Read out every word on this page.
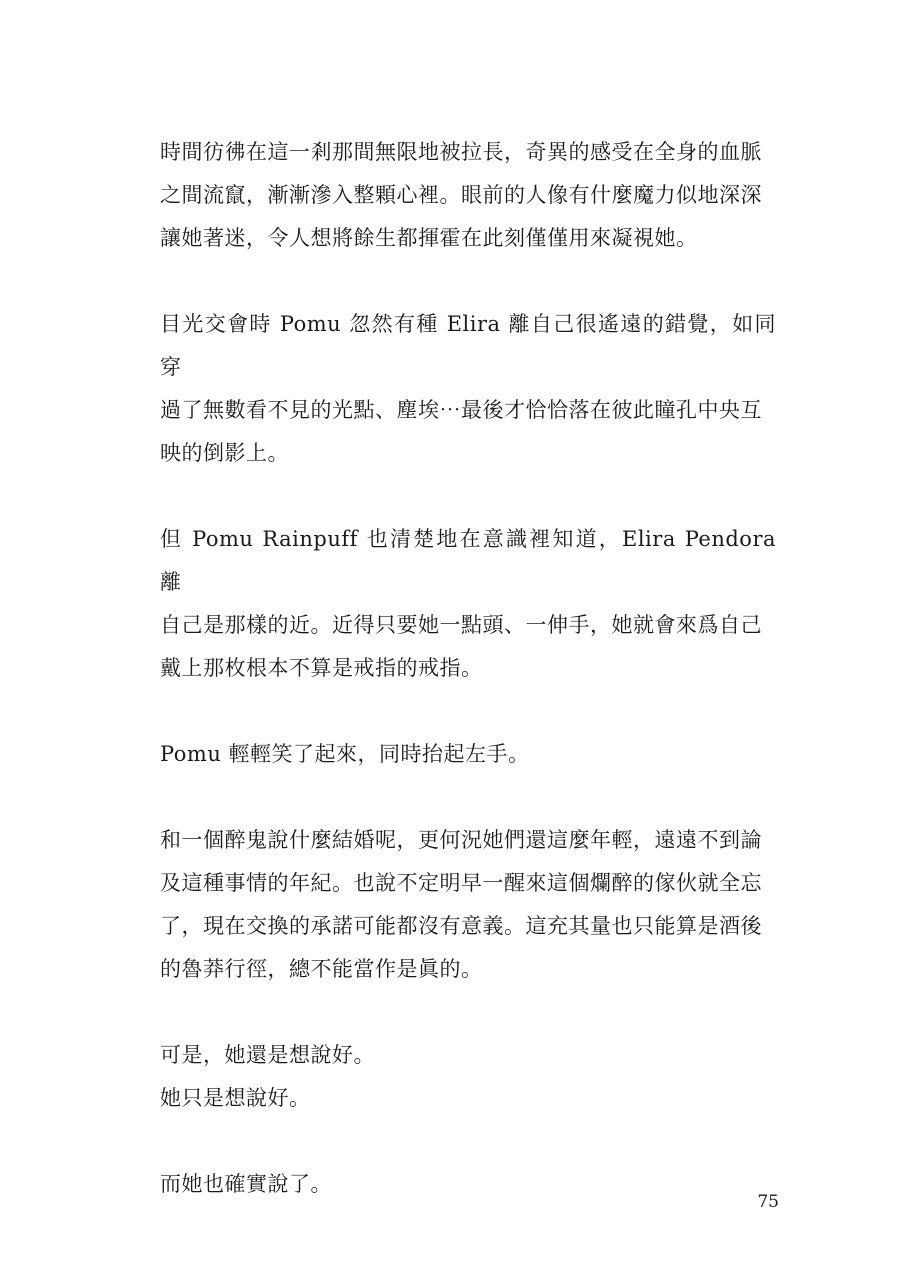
時間彷彿在這一剎那間無限地被拉長，奇異的感受在全身的血脈
之間流竄，漸漸滲入整顆心裡。眼前的人像有什麼魔力似地深深
讓她著迷，令人想將餘生都揮霍在此刻僅僅用來凝視她。

目光交會時 Pomu 忽然有種 Elira 離自己很遙遠的錯覺，如同穿
過了無數看不見的光點、塵埃⋯最後才恰恰落在彼此瞳孔中央互
映的倒影上。

但 Pomu Rainpuff 也清楚地在意識裡知道，Elira Pendora 離
自己是那樣的近。近得只要她一點頭、一伸手，她就會來爲自己
戴上那枚根本不算是戒指的戒指。

Pomu 輕輕笑了起來，同時抬起左手。

和一個醉鬼說什麼結婚呢，更何況她們還這麼年輕，遠遠不到論
及這種事情的年紀。也說不定明早一醒來這個爛醉的傢伙就全忘
了，現在交換的承諾可能都沒有意義。這充其量也只能算是酒後
的魯莽行徑，總不能當作是眞的。

可是，她還是想說好。
她只是想說好。

而她也確實說了。

75
